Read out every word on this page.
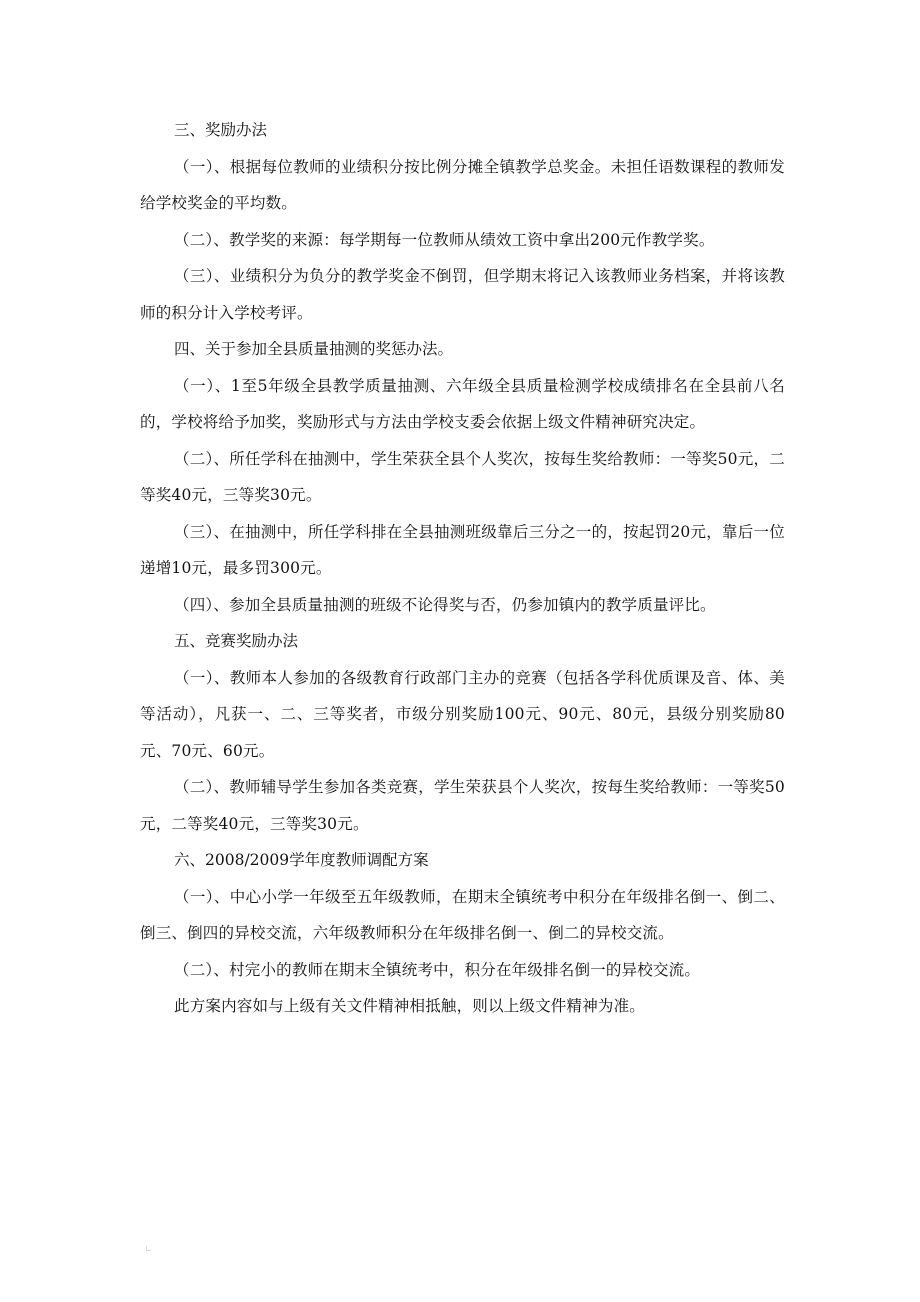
三、奖励办法

（一）、根据每位教师的业绩积分按比例分摊全镇教学总奖金。未担任语数课程的教师发给学校奖金的平均数。

（二）、教学奖的来源：每学期每一位教师从绩效工资中拿出200元作教学奖。

（三）、业绩积分为负分的教学奖金不倒罚，但学期末将记入该教师业务档案，并将该教师的积分计入学校考评。

四、关于参加全县质量抽测的奖惩办法。

（一）、1至5年级全县教学质量抽测、六年级全县质量检测学校成绩排名在全县前八名的，学校将给予加奖，奖励形式与方法由学校支委会依据上级文件精神研究决定。

（二）、所任学科在抽测中，学生荣获全县个人奖次，按每生奖给教师：一等奖50元，二等奖40元，三等奖30元。

（三）、在抽测中，所任学科排在全县抽测班级靠后三分之一的，按起罚20元，靠后一位递增10元，最多罚300元。

（四）、参加全县质量抽测的班级不论得奖与否，仍参加镇内的教学质量评比。

五、竞赛奖励办法

（一）、教师本人参加的各级教育行政部门主办的竞赛（包括各学科优质课及音、体、美等活动），凡获一、二、三等奖者，市级分别奖励100元、90元、80元，县级分别奖励80元、70元、60元。

（二）、教师辅导学生参加各类竞赛，学生荣获县个人奖次，按每生奖给教师：一等奖50元，二等奖40元，三等奖30元。

六、2008/2009学年度教师调配方案

（一）、中心小学一年级至五年级教师，在期末全镇统考中积分在年级排名倒一、倒二、倒三、倒四的异校交流，六年级教师积分在年级排名倒一、倒二的异校交流。

（二）、村完小的教师在期末全镇统考中，积分在年级排名倒一的异校交流。

此方案内容如与上级有关文件精神相抵触，则以上级文件精神为准。
